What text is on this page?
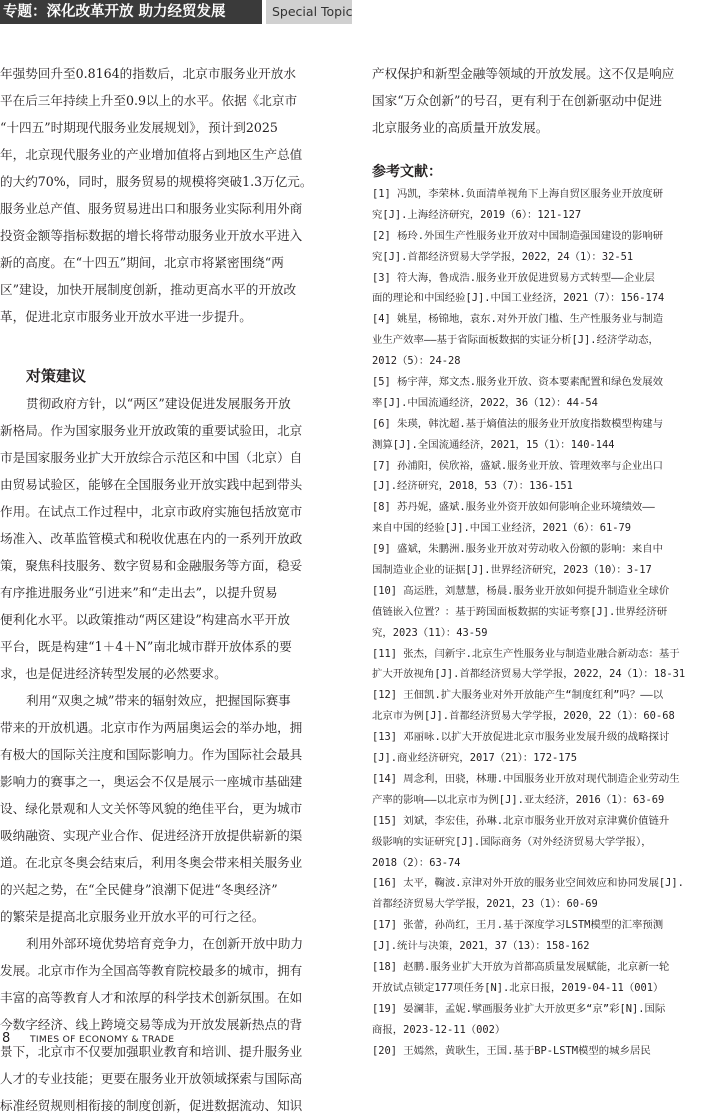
专题：深化改革开放 助力经贸发展	Special Topic
年强势回升至0.8164的指数后，北京市服务业开放水
平在后三年持续上升至0.9以上的水平。依据《北京市
“十四五”时期现代服务业发展规划》，预计到2025
年，北京现代服务业的产业增加值将占到地区生产总值
的大约70%，同时，服务贸易的规模将突破1.3万亿元。
服务业总产值、服务贸易进出口和服务业实际利用外商
投资金额等指标数据的增长将带动服务业开放水平进入
新的高度。在“十四五”期间，北京市将紧密围绕“两
区”建设，加快开展制度创新，推动更高水平的开放改
革，促进北京市服务业开放水平进一步提升。
对策建议
贯彻政府方针，以“两区”建设促进发展服务开放
新格局。作为国家服务业开放政策的重要试验田，北京
市是国家服务业扩大开放综合示范区和中国（北京）自
由贸易试验区，能够在全国服务业开放实践中起到带头
作用。在试点工作过程中，北京市政府实施包括放宽市
场准入、改革监管模式和税收优惠在内的一系列开放政
策，聚焦科技服务、数字贸易和金融服务等方面，稳妥
有序推进服务业“引进来”和“走出去”，以提升贸易
便利化水平。以政策推动“两区建设”构建高水平开放
平台，既是构建“1＋4＋N”南北城市群开放体系的要
求，也是促进经济转型发展的必然要求。
利用“双奥之城”带来的辐射效应，把握国际赛事
带来的开放机遇。北京市作为两届奥运会的举办地，拥
有极大的国际关注度和国际影响力。作为国际社会最具
影响力的赛事之一，奥运会不仅是展示一座城市基础建
设、绿化景观和人文关怀等风貌的绝佳平台，更为城市
吸纳融资、实现产业合作、促进经济开放提供崭新的渠
道。在北京冬奥会结束后，利用冬奥会带来相关服务业
的兴起之势，在“全民健身”浪潮下促进“冬奥经济”
的繁荣是提高北京服务业开放水平的可行之径。
利用外部环境优势培育竞争力，在创新开放中助力
发展。北京市作为全国高等教育院校最多的城市，拥有
丰富的高等教育人才和浓厚的科学技术创新氛围。在如
今数字经济、线上跨境交易等成为开放发展新热点的背
景下，北京市不仅要加强职业教育和培训、提升服务业
人才的专业技能；更要在服务业开放领域探索与国际高
标准经贸规则相衔接的制度创新，促进数据流动、知识
产权保护和新型金融等领域的开放发展。这不仅是响应
国家“万众创新”的号召，更有利于在创新驱动中促进
北京服务业的高质量开放发展。
参考文献：
[1] 冯凯，李荣林.负面清单视角下上海自贸区服务业开放度研
究[J].上海经济研究，2019（6）：121-127
[2] 杨玲.外国生产性服务业开放对中国制造强国建设的影响研
究[J].首都经济贸易大学学报，2022，24（1）：32-51
[3] 符大海，鲁成浩.服务业开放促进贸易方式转型——企业层
面的理论和中国经验[J].中国工业经济，2021（7）：156-174
[4] 姚星，杨锦地，袁东.对外开放门槛、生产性服务业与制造
业生产效率——基于省际面板数据的实证分析[J].经济学动态，
2012（5）：24-28
[5] 杨宇萍，郑文杰.服务业开放、资本要素配置和绿色发展效
率[J].中国流通经济，2022，36（12）：44-54
[6] 朱瑛，韩沈超.基于熵值法的服务业开放度指数模型构建与
测算[J].全国流通经济，2021，15（1）：140-144
[7] 孙浦阳，侯欣裕，盛斌.服务业开放、管理效率与企业出口
[J].经济研究，2018，53（7）：136-151
[8] 苏丹妮，盛斌.服务业外资开放如何影响企业环境绩效——
来自中国的经验[J].中国工业经济，2021（6）：61-79
[9] 盛斌，朱鹏洲.服务业开放对劳动收入份额的影响：来自中
国制造业企业的证据[J].世界经济研究，2023（10）：3-17
[10] 高运胜，刘慧慧，杨晨.服务业开放如何提升制造业全球价
值链嵌入位置？：基于跨国面板数据的实证考察[J].世界经济研
究，2023（11）：43-59
[11] 张杰，闫新宇.北京生产性服务业与制造业融合新动态：基于
扩大开放视角[J].首都经济贸易大学学报，2022，24（1）：18-31
[12] 王佃凯.扩大服务业对外开放能产生“制度红利”吗？——以
北京市为例[J].首都经济贸易大学学报，2020，22（1）：60-68
[13] 邓丽咏.以扩大开放促进北京市服务业发展升级的战略探讨
[J].商业经济研究，2017（21）：172-175
[14] 周念利，田骁，林珊.中国服务业开放对现代制造企业劳动生
产率的影响——以北京市为例[J].亚太经济，2016（1）：63-69
[15] 刘斌，李宏佳，孙琳.北京市服务业开放对京津冀价值链升
级影响的实证研究[J].国际商务（对外经济贸易大学学报），
2018（2）：63-74
[16] 太平，鞠波.京津对外开放的服务业空间效应和协同发展[J].
首都经济贸易大学学报，2021，23（1）：60-69
[17] 张蕾，孙尚红，王月.基于深度学习LSTM模型的汇率预测
[J].统计与决策，2021，37（13）：158-162
[18] 赵鹏.服务业扩大开放为首都高质量发展赋能，北京新一轮
开放试点锁定177项任务[N].北京日报，2019-04-11（001）
[19] 晏澜菲，孟妮.擘画服务业扩大开放更多“京”彩[N].国际
商报，2023-12-11（002）
[20] 王嫣然，黄耿生，王国.基于BP-LSTM模型的城乡居民
8 TIMES OF ECONOMY & TRADE
